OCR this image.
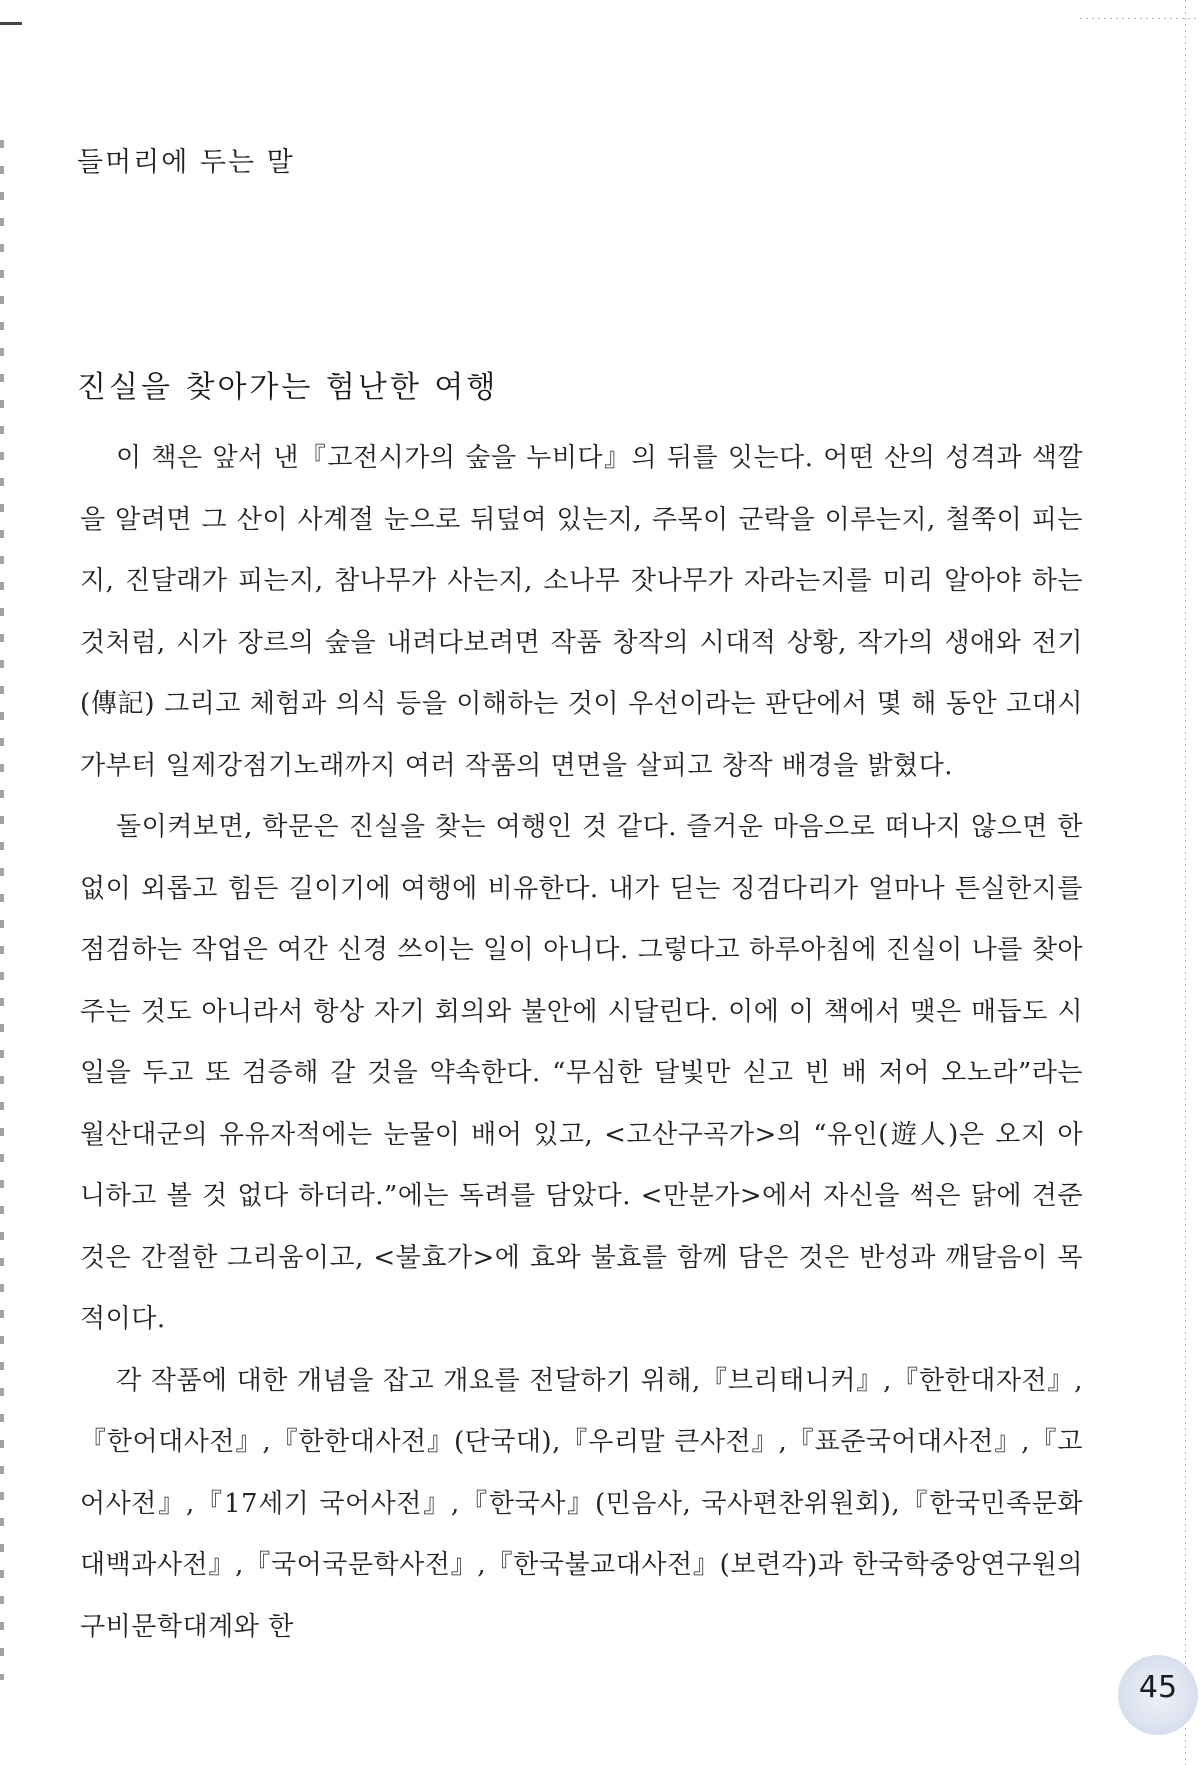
들머리에 두는 말
진실을 찾아가는 험난한 여행

이 책은 앞서 낸『고전시가의 숲을 누비다』의 뒤를 잇는다. 어떤 산의 성격과 색깔을 알려면 그 산이 사계절 눈으로 뒤덮여 있는지, 주목이 군락을 이루는지, 철쭉이 피는지, 진달래가 피는지, 참나무가 사는지, 소나무 잣나무가 자라는지를 미리 알아야 하는 것처럼, 시가 장르의 숲을 내려다보려면 작품 창작의 시대적 상황, 작가의 생애와 전기(傳記) 그리고 체험과 의식 등을 이해하는 것이 우선이라는 판단에서 몇 해 동안 고대시가부터 일제강점기노래까지 여러 작품의 면면을 살피고 창작 배경을 밝혔다.

돌이켜보면, 학문은 진실을 찾는 여행인 것 같다. 즐거운 마음으로 떠나지 않으면 한없이 외롭고 힘든 길이기에 여행에 비유한다. 내가 딛는 징검다리가 얼마나 튼실한지를 점검하는 작업은 여간 신경 쓰이는 일이 아니다. 그렇다고 하루아침에 진실이 나를 찾아주는 것도 아니라서 항상 자기 회의와 불안에 시달린다. 이에 이 책에서 맺은 매듭도 시일을 두고 또 검증해 갈 것을 약속한다. “무심한 달빛만 싣고 빈 배 저어 오노라”라는 월산대군의 유유자적에는 눈물이 배어 있고, <고산구곡가>의 “유인(遊人)은 오지 아니하고 볼 것 없다 하더라.”에는 독려를 담았다. <만분가>에서 자신을 썩은 닭에 견준 것은 간절한 그리움이고, <불효가>에 효와 불효를 함께 담은 것은 반성과 깨달음이 목적이다.

각 작품에 대한 개념을 잡고 개요를 전달하기 위해,『브리태니커』,『한한대자전』,『한어대사전』,『한한대사전』(단국대),『우리말 큰사전』,『표준국어대사전』,『고어사전』,『17세기 국어사전』,『한국사』(민음사, 국사편찬위원회),『한국민족문화대백과사전』,『국어국문학사전』,『한국불교대사전』(보련각)과 한국학중앙연구원의 구비문학대계와 한

45
